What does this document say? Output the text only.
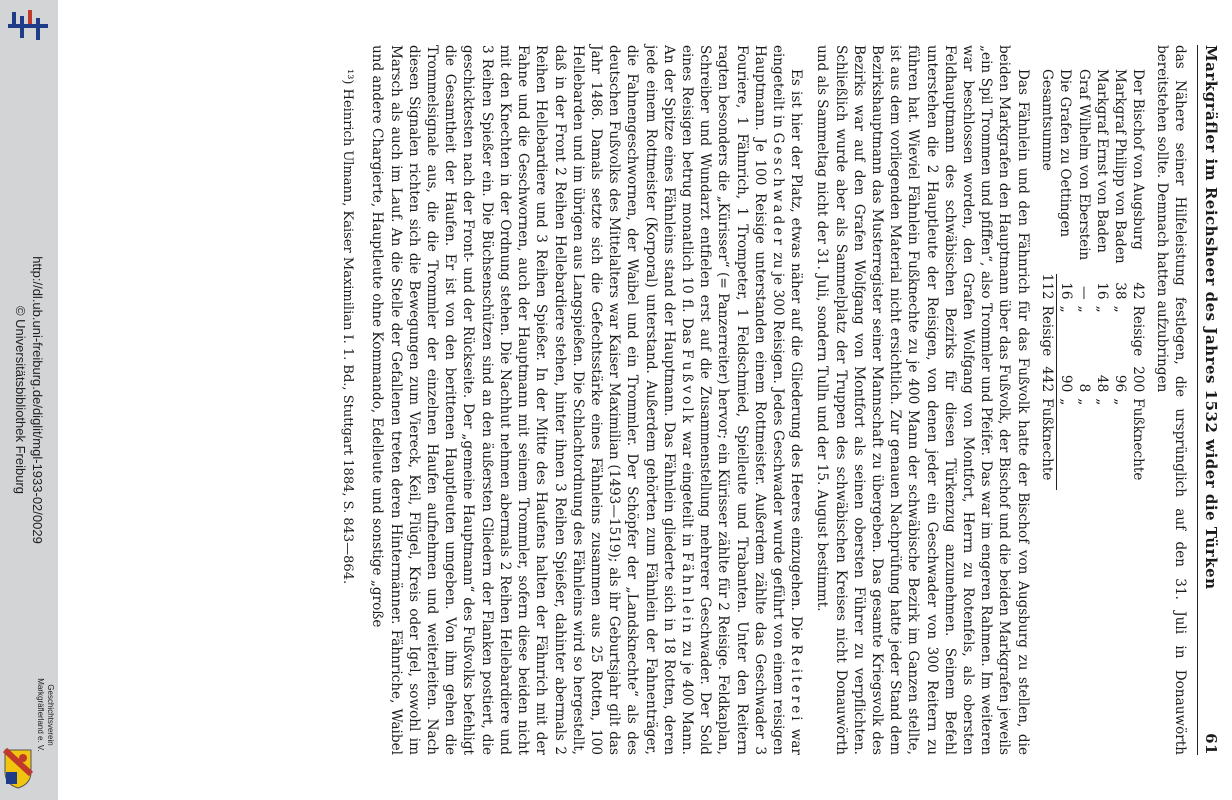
http://dl.ub.uni-freiburg.de/diglit/mgl-1933-02/0029
© Universitätsbibliothek Freiburg
Geschichtsverein
Markgräflerland e. V.
Markgräfler im Reichsheer des Jahres 1532 wider die Türken
61

das Nähere seiner Hilfeleistung festlegen, die ursprünglich auf den 31. Juli in Donauwörth bereitstehen sollte. Demnach hatten aufzubringen

Der Bischof von Augsburg	42	Reisige	200	Fußknechte
Markgraf Philipp von Baden	38	„	96	„
Markgraf Ernst von Baden	16	„	48	„
Graf Wilhelm von Eberstein	—	„	8	„
Die Grafen zu Oettingen	16	„	90	„
Gesamtsumme	112	Reisige	442	Fußknechte

Das Fähnlein und den Fähnrich für das Fußvolk hatte der Bischof von Augsburg zu stellen, die beiden Markgrafen den Hauptmann über das Fußvolk, der Bischof und die beiden Markgrafen jeweils „ein Spil Trommen und pfiffen“, also Trommler und Pfeifer. Das war im engeren Rahmen. Im weiteren war beschlossen worden, den Grafen Wolfgang von Montfort, Herrn zu Rotenfels, als obersten Feldhauptmann des schwäbischen Bezirks für diesen Türkenzug anzunehmen. Seinem Befehl unterstehen die 2 Hauptleute der Reisigen, von denen jeder ein Geschwader von 300 Reitern zu führen hat. Wieviel Fähnlein Fußknechte zu je 400 Mann der schwäbische Bezirk im Ganzen stellte, ist aus dem vorliegenden Material nicht ersichtlich. Zur genauen Nachprüfung hatte jeder Stand dem Bezirkshauptmann das Musterregister seiner Mannschaft zu übergeben. Das gesamte Kriegsvolk des Bezirks war auf den Grafen Wolfgang von Montfort als seinen obersten Führer zu verpflichten. Schließlich wurde aber als Sammelplatz der Truppen des schwäbischen Kreises nicht Donauwörth und als Sammeltag nicht der 31. Juli, sondern Tulln und der 15. August bestimmt.

Es ist hier der Platz, etwas näher auf die Gliederung des Heeres einzugehen. Die Reiterei war eingeteilt in Geschwader zu je 300 Reisigen. Jedes Geschwader wurde geführt von einem reisigen Hauptmann. Je 100 Reisige unterstanden einem Rottmeister. Außerdem zählte das Geschwader 3 Fouriere, 1 Fähnrich, 1 Trompeter, 1 Feldschmied, Spielleute und Trabanten. Unter den Reitern ragten besonders die „Kürisser“ (= Panzerreiter) hervor; ein Kürisser zählte für 2 Reisige. Feldkaplan, Schreiber und Wundarzt entfielen erst auf die Zusammenstellung mehrerer Geschwader. Der Sold eines Reisigen betrug monatlich 10 fl. Das Fußvolk war eingeteilt in Fähnlein zu je 400 Mann. An der Spitze eines Fähnleins stand der Hauptmann. Das Fähnlein gliederte sich in 18 Rotten, deren jede einem Rottmeister (Korporal) unterstand. Außerdem gehörten zum Fähnlein der Fahnenträger, die Fahnengeschwornen, der Waibel und ein Trommler. Der Schöpfer der „Landsknechte“ als des deutschen Fußvolks des Mittelalters war Kaiser Maximilian (1493—1519); als ihr Geburtsjahr gilt das Jahr 1486. Damals setzte sich die Gefechtsstärke eines Fähnleins zusammen aus 25 Rotten, 100 Hellebarden und im übrigen aus Langspießen. Die Schlachtordnung des Fähnleins wird so hergestellt, daß in der Front 2 Reihen Hellebardiere stehen, hinter ihnen 3 Reihen Spießer, dahinter abermals 2 Reihen Hellebardiere und 3 Reihen Spießer. In der Mitte des Haufens halten der Fähnrich mit der Fahne und die Geschwornen, auch der Hauptmann mit seinem Trommler, sofern diese beiden nicht mit den Knechten in der Ordnung stehen. Die Nachhut nehmen abermals 2 Reihen Hellebardiere und 3 Reihen Spießer ein. Die Büchsenschützen sind an den äußersten Gliedern der Flanken postiert, die geschicktesten nach der Front- und der Rückseite. Der „gemeine Hauptmann“ des Fußvolks befehligt die Gesamtheit der Haufen. Er ist von den berittenen Hauptleuten umgeben. Von ihm gehen die Trommelsignale aus, die die Trommler der einzelnen Haufen aufnehmen und weiterleiten. Nach diesen Signalen richten sich die Bewegungen zum Viereck, Keil, Flügel, Kreis oder Igel, sowohl im Marsch als auch im Lauf. An die Stelle der Gefallenen treten deren Hintermänner. Fähnriche, Waibel und andere Chargierte, Hauptleute ohne Kommando, Edelleute und sonstige „große

¹³) Heinrich Ulmann, Kaiser Maximilian I. 1. Bd., Stuttgart 1884, S. 843—864.
